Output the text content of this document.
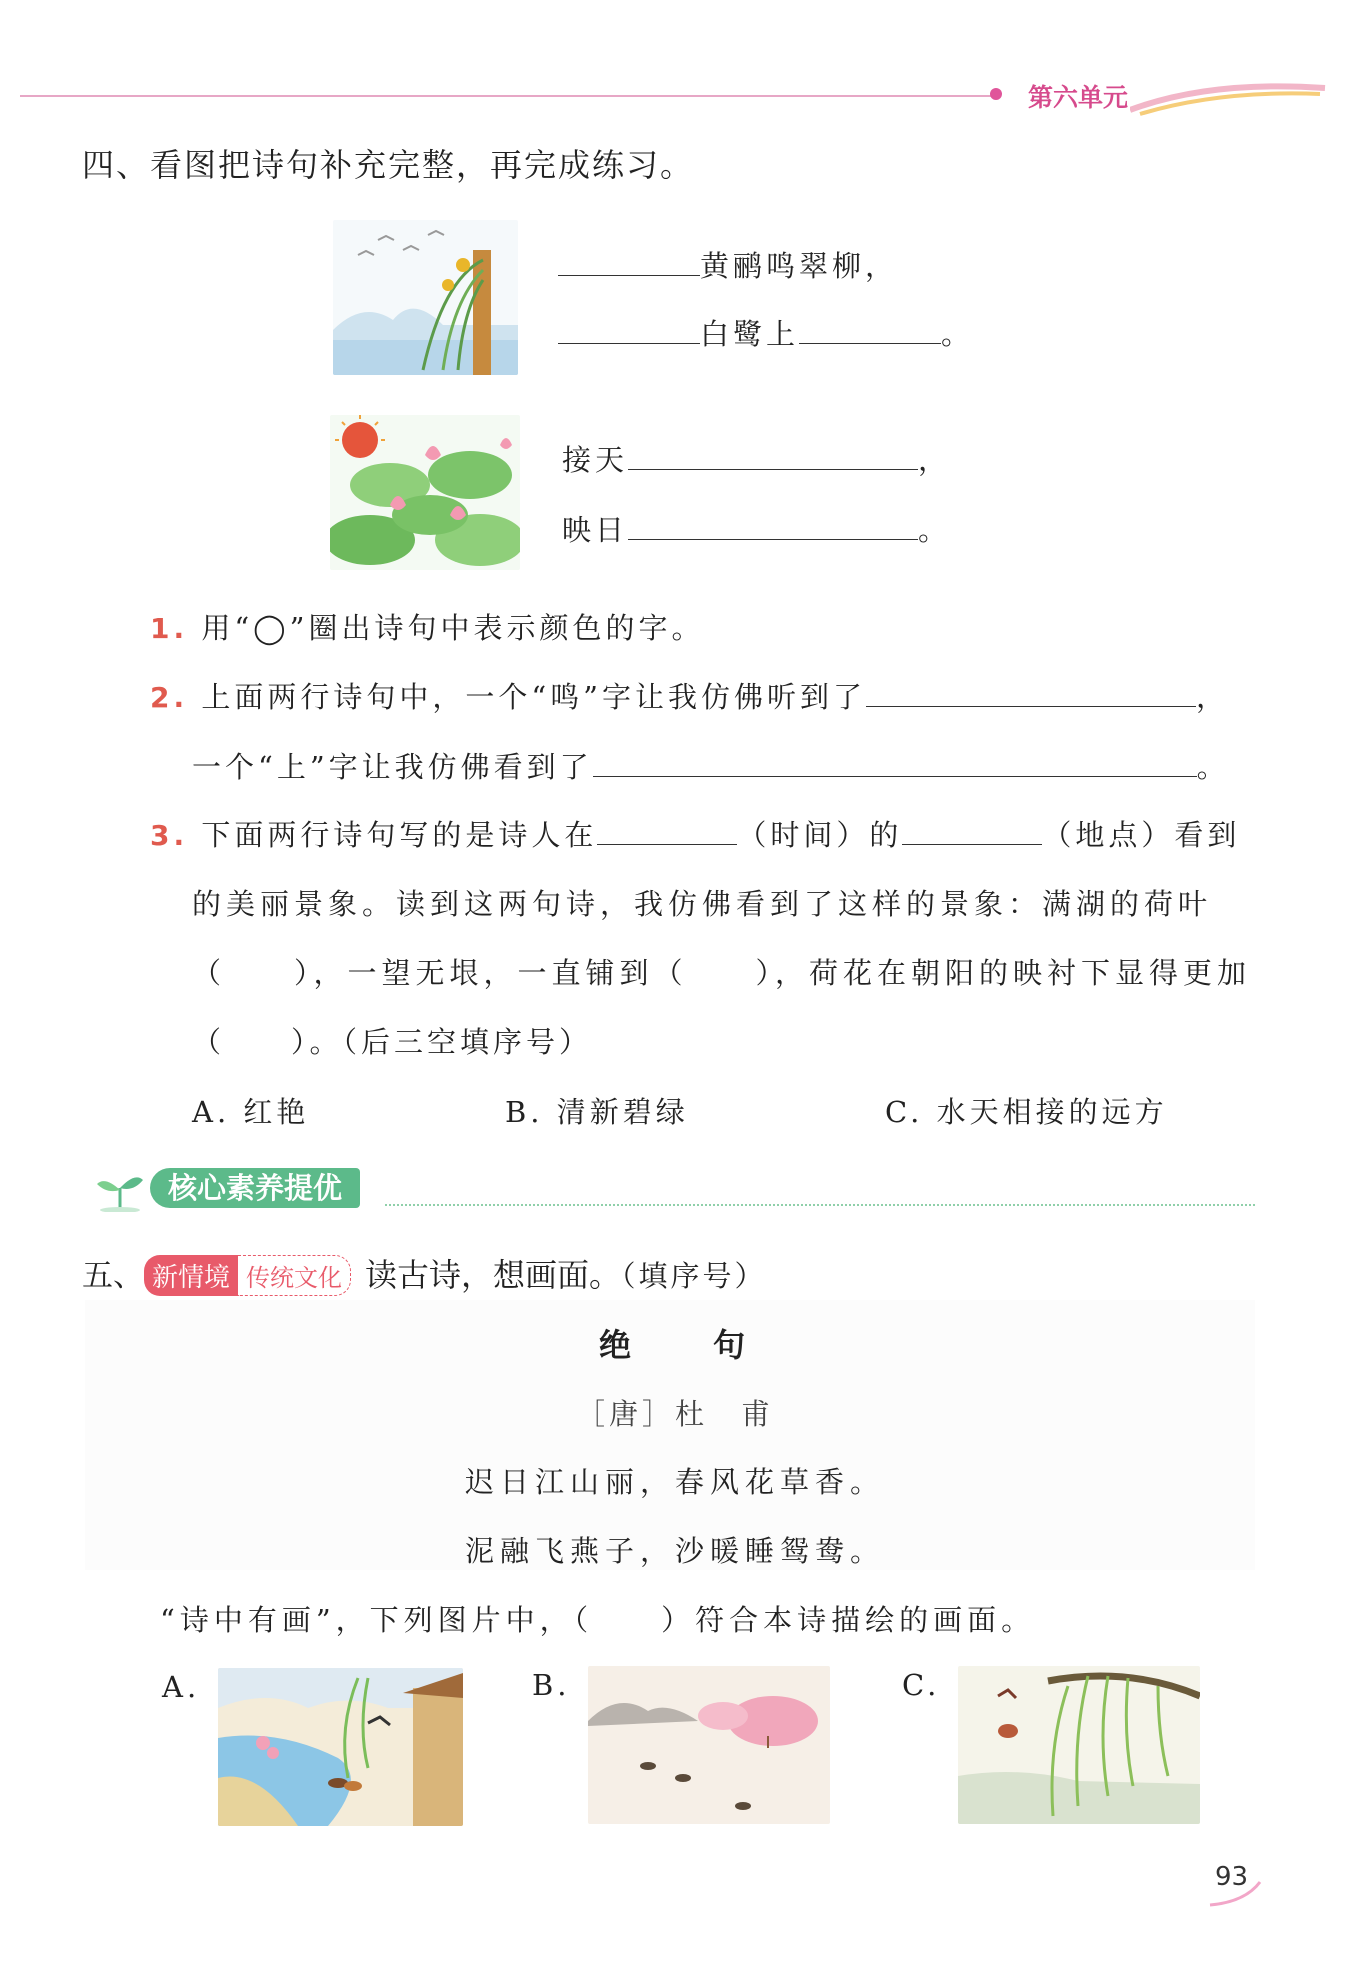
第六单元
四、看图把诗句补充完整，再完成练习。
黄鹂鸣翠柳，
白鹭上	。
接天	，
映日	。
1. 用“◯”圈出诗句中表示颜色的字。
2. 上面两行诗句中，一个“鸣”字让我仿佛听到了	，
一个“上”字让我仿佛看到了	。
3. 下面两行诗句写的是诗人在	（时间）的	（地点）看到
的美丽景象。读到这两句诗，我仿佛看到了这样的景象：满湖的荷叶
（　　），一望无垠，一直铺到（　　），荷花在朝阳的映衬下显得更加
（　　）。（后三空填序号）
A. 红艳	B. 清新碧绿	C. 水天相接的远方
核心素养提优
五、 新情境 传统文化 读古诗，想画面。（填序号）
绝　　句
［唐］杜　甫
迟日江山丽，春风花草香。
泥融飞燕子，沙暖睡鸳鸯。
“诗中有画”，下列图片中，（　　）符合本诗描绘的画面。
A.	B.	C.
93
